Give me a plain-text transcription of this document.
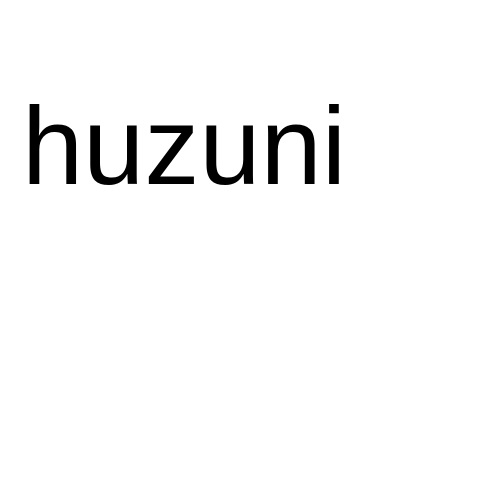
huzuni
